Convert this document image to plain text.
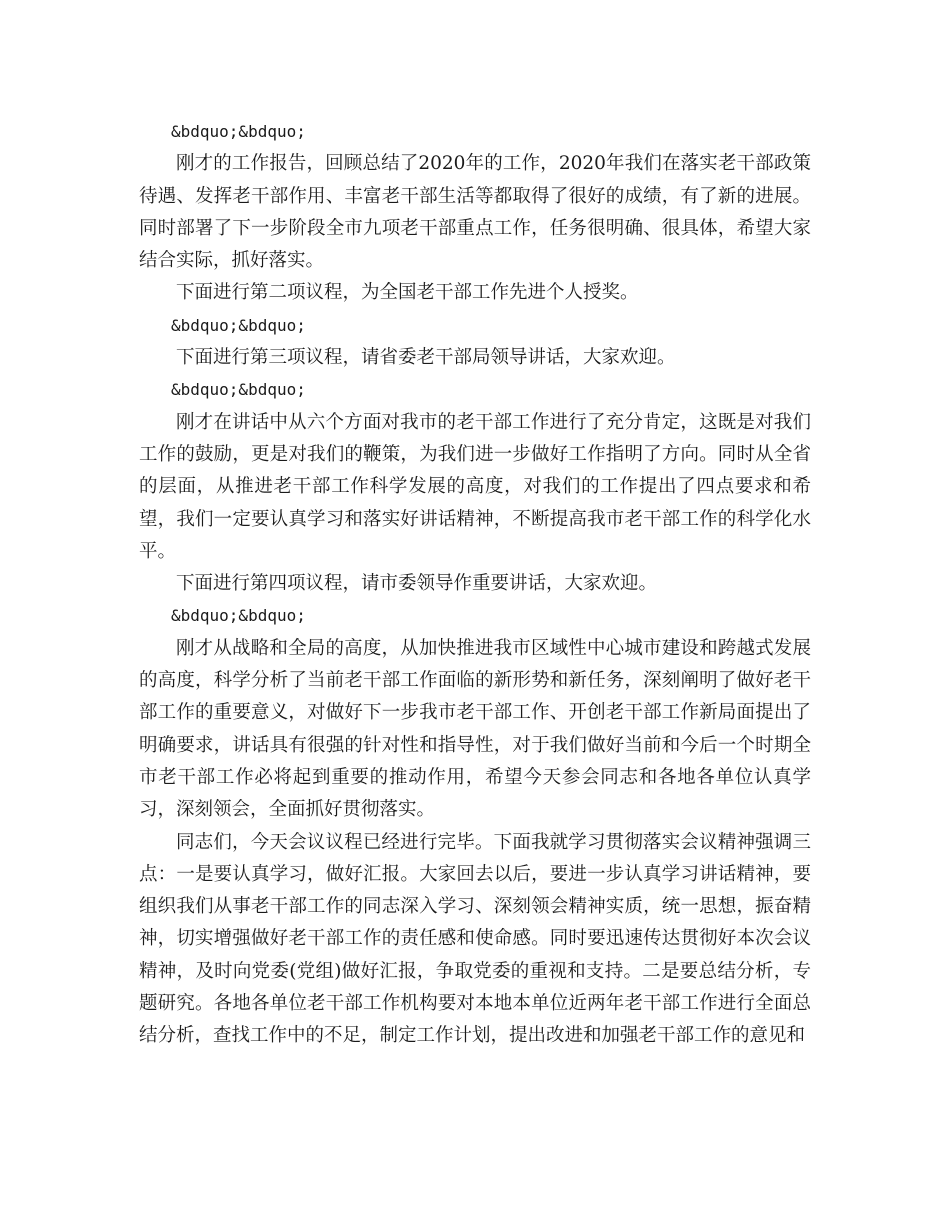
&bdquo;&bdquo;

刚才的工作报告，回顾总结了2020年的工作，2020年我们在落实老干部政策待遇、发挥老干部作用、丰富老干部生活等都取得了很好的成绩，有了新的进展。同时部署了下一步阶段全市九项老干部重点工作，任务很明确、很具体，希望大家结合实际，抓好落实。

下面进行第二项议程，为全国老干部工作先进个人授奖。

&bdquo;&bdquo;

下面进行第三项议程，请省委老干部局领导讲话，大家欢迎。

&bdquo;&bdquo;

刚才在讲话中从六个方面对我市的老干部工作进行了充分肯定，这既是对我们工作的鼓励，更是对我们的鞭策，为我们进一步做好工作指明了方向。同时从全省的层面，从推进老干部工作科学发展的高度，对我们的工作提出了四点要求和希望，我们一定要认真学习和落实好讲话精神，不断提高我市老干部工作的科学化水平。

下面进行第四项议程，请市委领导作重要讲话，大家欢迎。

&bdquo;&bdquo;

刚才从战略和全局的高度，从加快推进我市区域性中心城市建设和跨越式发展的高度，科学分析了当前老干部工作面临的新形势和新任务，深刻阐明了做好老干部工作的重要意义，对做好下一步我市老干部工作、开创老干部工作新局面提出了明确要求，讲话具有很强的针对性和指导性，对于我们做好当前和今后一个时期全市老干部工作必将起到重要的推动作用，希望今天参会同志和各地各单位认真学习，深刻领会，全面抓好贯彻落实。

同志们，今天会议议程已经进行完毕。下面我就学习贯彻落实会议精神强调三点：一是要认真学习，做好汇报。大家回去以后，要进一步认真学习讲话精神，要组织我们从事老干部工作的同志深入学习、深刻领会精神实质，统一思想，振奋精神，切实增强做好老干部工作的责任感和使命感。同时要迅速传达贯彻好本次会议精神，及时向党委(党组)做好汇报，争取党委的重视和支持。二是要总结分析，专题研究。各地各单位老干部工作机构要对本地本单位近两年老干部工作进行全面总结分析，查找工作中的不足，制定工作计划，提出改进和加强老干部工作的意见和
